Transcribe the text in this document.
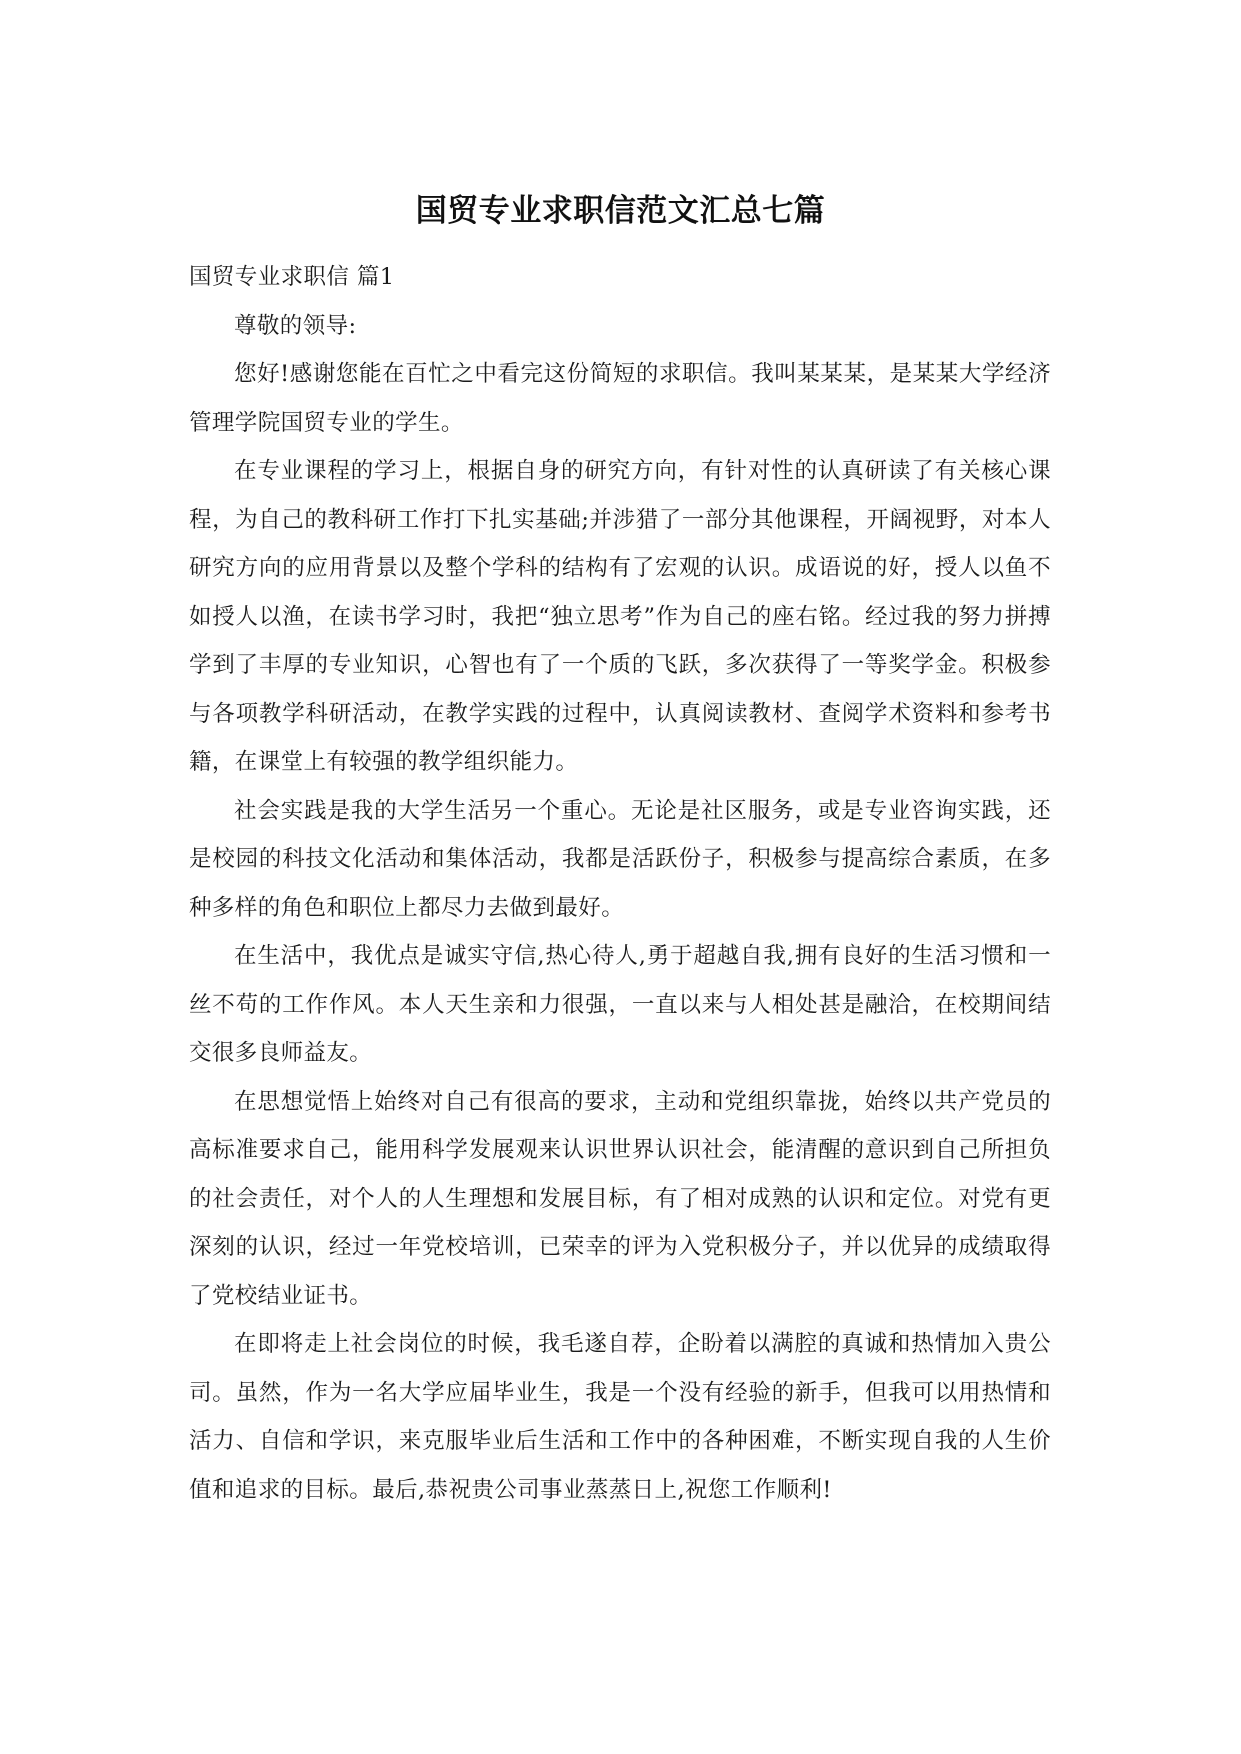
国贸专业求职信范文汇总七篇

国贸专业求职信 篇1

尊敬的领导:

您好!感谢您能在百忙之中看完这份简短的求职信。我叫某某某，是某某大学经济管理学院国贸专业的学生。

在专业课程的学习上，根据自身的研究方向，有针对性的认真研读了有关核心课程，为自己的教科研工作打下扎实基础;并涉猎了一部分其他课程，开阔视野，对本人研究方向的应用背景以及整个学科的结构有了宏观的认识。成语说的好，授人以鱼不如授人以渔，在读书学习时，我把“独立思考”作为自己的座右铭。经过我的努力拼搏学到了丰厚的专业知识，心智也有了一个质的飞跃，多次获得了一等奖学金。积极参与各项教学科研活动，在教学实践的过程中，认真阅读教材、查阅学术资料和参考书籍，在课堂上有较强的教学组织能力。

社会实践是我的大学生活另一个重心。无论是社区服务，或是专业咨询实践，还是校园的科技文化活动和集体活动，我都是活跃份子，积极参与提高综合素质，在多种多样的角色和职位上都尽力去做到最好。

在生活中，我优点是诚实守信,热心待人,勇于超越自我,拥有良好的生活习惯和一丝不苟的工作作风。本人天生亲和力很强，一直以来与人相处甚是融洽，在校期间结交很多良师益友。

在思想觉悟上始终对自己有很高的要求，主动和党组织靠拢，始终以共产党员的高标准要求自己，能用科学发展观来认识世界认识社会，能清醒的意识到自己所担负的社会责任，对个人的人生理想和发展目标，有了相对成熟的认识和定位。对党有更深刻的认识，经过一年党校培训，已荣幸的评为入党积极分子，并以优异的成绩取得了党校结业证书。

在即将走上社会岗位的时候，我毛遂自荐，企盼着以满腔的真诚和热情加入贵公司。虽然，作为一名大学应届毕业生，我是一个没有经验的新手，但我可以用热情和活力、自信和学识，来克服毕业后生活和工作中的各种困难，不断实现自我的人生价值和追求的目标。最后,恭祝贵公司事业蒸蒸日上,祝您工作顺利!
